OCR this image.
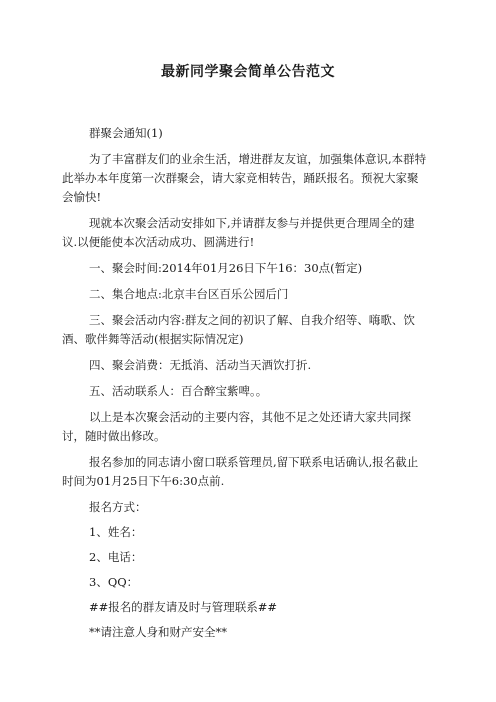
最新同学聚会简单公告范文

群聚会通知(1)

为了丰富群友们的业余生活，增进群友友谊，加强集体意识,本群特此举办本年度第一次群聚会，请大家竞相转告，踊跃报名。预祝大家聚会愉快!

现就本次聚会活动安排如下,并请群友参与并提供更合理周全的建议.以便能使本次活动成功、圆满进行!

一、聚会时间:2014年01月26日下午16：30点(暂定)

二、集合地点:北京丰台区百乐公园后门

三、聚会活动内容:群友之间的初识了解、自我介绍等、嗨歌、饮酒、歌伴舞等活动(根据实际情况定)

四、聚会消费：无抵消、活动当天酒饮打折.

五、活动联系人：百合醉宝紫啤。。

以上是本次聚会活动的主要内容，其他不足之处还请大家共同探讨，随时做出修改。

报名参加的同志请小窗口联系管理员,留下联系电话确认,报名截止时间为01月25日下午6:30点前.

报名方式：

1、姓名：

2、电话：

3、QQ：

##报名的群友请及时与管理联系##

**请注意人身和财产安全**
